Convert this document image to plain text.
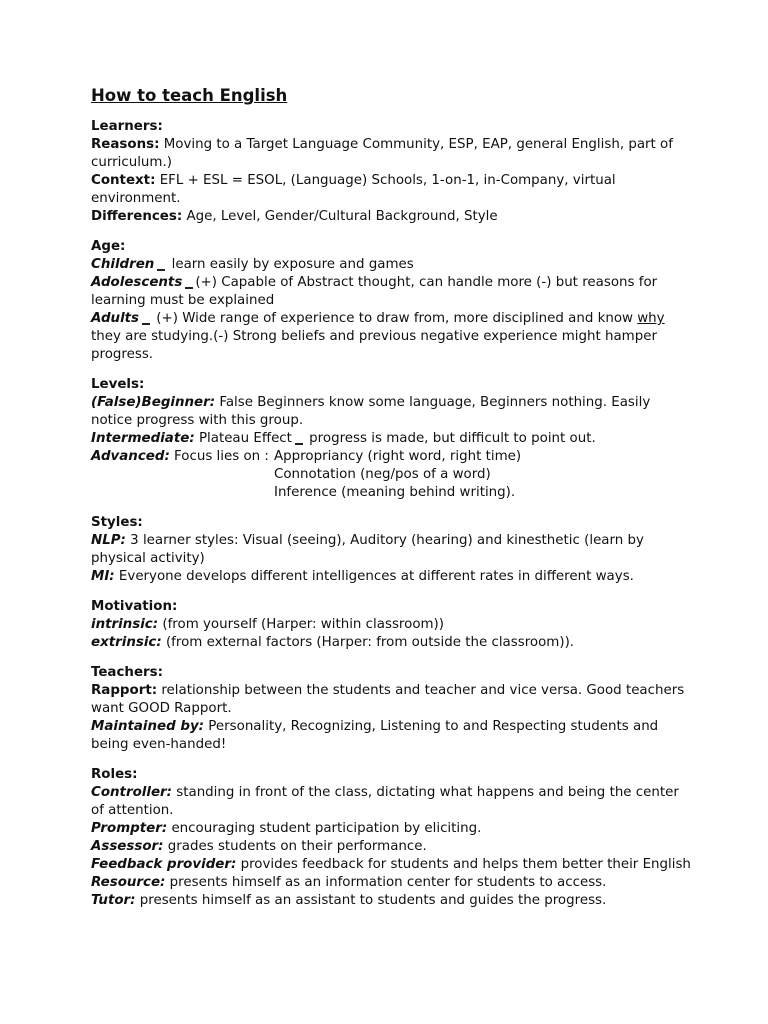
How to teach English
Learners:

Reasons: Moving to a Target Language Community, ESP, EAP, general English, part of curriculum.)

Context: EFL + ESL = ESOL, (Language) Schools, 1-on-1, in-Company, virtual environment.

Differences: Age, Level, Gender/Cultural Background, Style

Age:

Children learn easily by exposure and games

Adolescents (+) Capable of Abstract thought, can handle more (-) but reasons for learning must be explained

Adults (+) Wide range of experience to draw from, more disciplined and know why they are studying.(-) Strong beliefs and previous negative experience might hamper progress.

Levels:

(False)Beginner: False Beginners know some language, Beginners nothing. Easily notice progress with this group.

Intermediate: Plateau Effect progress is made, but difficult to point out.

Advanced: Focus lies on : Appropriancy (right word, right time)
Connotation (neg/pos of a word)
Inference (meaning behind writing).
Styles:

NLP: 3 learner styles: Visual (seeing), Auditory (hearing) and kinesthetic (learn by physical activity)

MI: Everyone develops different intelligences at different rates in different ways.

Motivation:

intrinsic: (from yourself (Harper: within classroom))

extrinsic: (from external factors (Harper: from outside the classroom)).

Teachers:

Rapport: relationship between the students and teacher and vice versa. Good teachers want GOOD Rapport.

Maintained by: Personality, Recognizing, Listening to and Respecting students and being even-handed!

Roles:

Controller: standing in front of the class, dictating what happens and being the center of attention.

Prompter: encouraging student participation by eliciting.

Assessor: grades students on their performance.

Feedback provider: provides feedback for students and helps them better their English

Resource: presents himself as an information center for students to access.

Tutor: presents himself as an assistant to students and guides the progress.
